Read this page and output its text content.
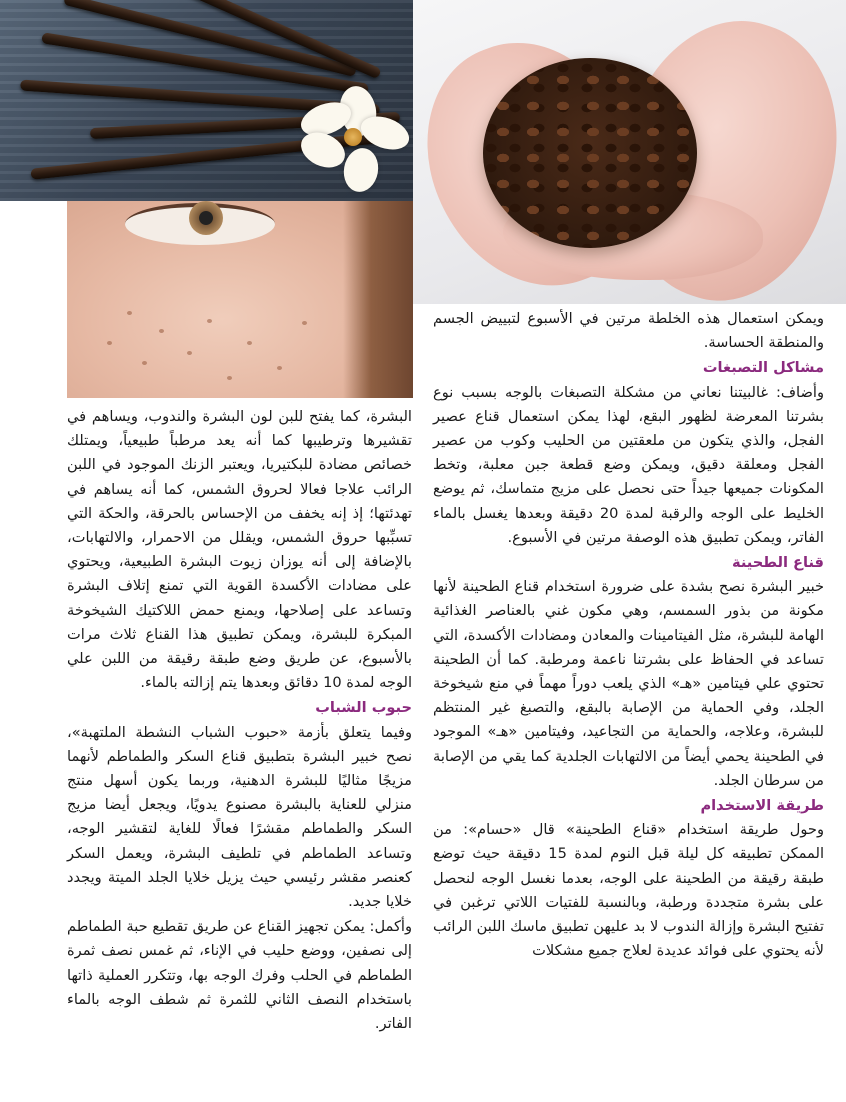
ويمكن استعمال هذه الخلطة مرتين في الأسبوع لتبييض الجسم والمنطقة الحساسة.

مشاكل التصبغات

وأضاف: غالبيتنا نعاني من مشكلة التصبغات بالوجه بسبب نوع بشرتنا المعرضة لظهور البقع، لهذا يمكن استعمال قناع عصير الفجل، والذي يتكون من ملعقتين من الحليب وكوب من عصير الفجل ومعلقة دقيق، ويمكن وضع قطعة جبن معلبة، وتخط المكونات جميعها جيداً حتى نحصل على مزيج متماسك، ثم يوضع الخليط على الوجه والرقبة لمدة 20 دقيقة وبعدها يغسل بالماء الفاتر، ويمكن تطبيق هذه الوصفة مرتين في الأسبوع.

قناع الطحينة

خبير البشرة نصح بشدة على ضرورة استخدام قناع الطحينة لأنها مكونة من بذور السمسم، وهي مكون غني بالعناصر الغذائية الهامة للبشرة، مثل الفيتامينات والمعادن ومضادات الأكسدة، التي تساعد في الحفاظ على بشرتنا ناعمة ومرطبة. كما أن الطحينة تحتوي علي فيتامين «هـ» الذي يلعب دوراً مهماً في منع شيخوخة الجلد، وفي الحماية من الإصابة بالبقع، والتصبغ غير المنتظم للبشرة، وعلاجه، والحماية من التجاعيد، وفيتامين «هـ» الموجود في الطحينة يحمي أيضاً من الالتهابات الجلدية كما يقي من الإصابة من سرطان الجلد.

طريقة الاستخدام

وحول طريقة استخدام «قناع الطحينة» قال «حسام»: من الممكن تطبيقه كل ليلة قبل النوم لمدة 15 دقيقة حيث توضع طبقة رقيقة من الطحينة على الوجه، بعدما نغسل الوجه لنحصل على بشرة متجددة ورطبة، وبالنسبة للفتيات اللاتي ترغبن في تفتيح البشرة وإزالة الندوب لا بد عليهن تطبيق ماسك اللبن الرائب لأنه يحتوي على فوائد عديدة لعلاج جميع مشكلات

البشرة، كما يفتح للبن لون البشرة والندوب، ويساهم في تقشيرها وترطيبها كما أنه يعد مرطباً طبيعياً، ويمتلك خصائص مضادة للبكتيريا، ويعتبر الزنك الموجود في اللبن الرائب علاجا فعالا لحروق الشمس، كما أنه يساهم في تهدئتها؛ إذ إنه يخفف من الإحساس بالحرقة، والحكة التي تسبِّبها حروق الشمس، ويقلل من الاحمرار، والالتهابات، بالإضافة إلى أنه يوزان زيوت البشرة الطبيعية، ويحتوي على مضادات الأكسدة القوية التي تمنع إتلاف البشرة وتساعد على إصلاحها، ويمنع حمض اللاكتيك الشيخوخة المبكرة للبشرة، ويمكن تطبيق هذا القناع ثلاث مرات بالأسبوع، عن طريق وضع طبقة رقيقة من اللبن علي الوجه لمدة 10 دقائق وبعدها يتم إزالته بالماء.

حبوب الشباب

وفيما يتعلق بأزمة «حبوب الشباب النشطة الملتهبة»، نصح خبير البشرة بتطبيق قناع السكر والطماطم لأنهما مزيجًا مثاليًا للبشرة الدهنية، وربما يكون أسهل منتج منزلي للعناية بالبشرة مصنوع يدويًا، ويجعل أيضا مزيج السكر والطماطم مقشرًا فعالًا للغاية لتقشير الوجه، وتساعد الطماطم في تلطيف البشرة، ويعمل السكر كعنصر مقشر رئيسي حيث يزيل خلايا الجلد الميتة ويجدد خلايا جديد.

وأكمل: يمكن تجهيز القناع عن طريق تقطيع حبة الطماطم إلى نصفين، ووضع حليب في الإناء، ثم غمس نصف ثمرة الطماطم في الحلب وفرك الوجه بها، وتتكرر العملية ذاتها باستخدام النصف الثاني للثمرة ثم شطف الوجه بالماء الفاتر.
